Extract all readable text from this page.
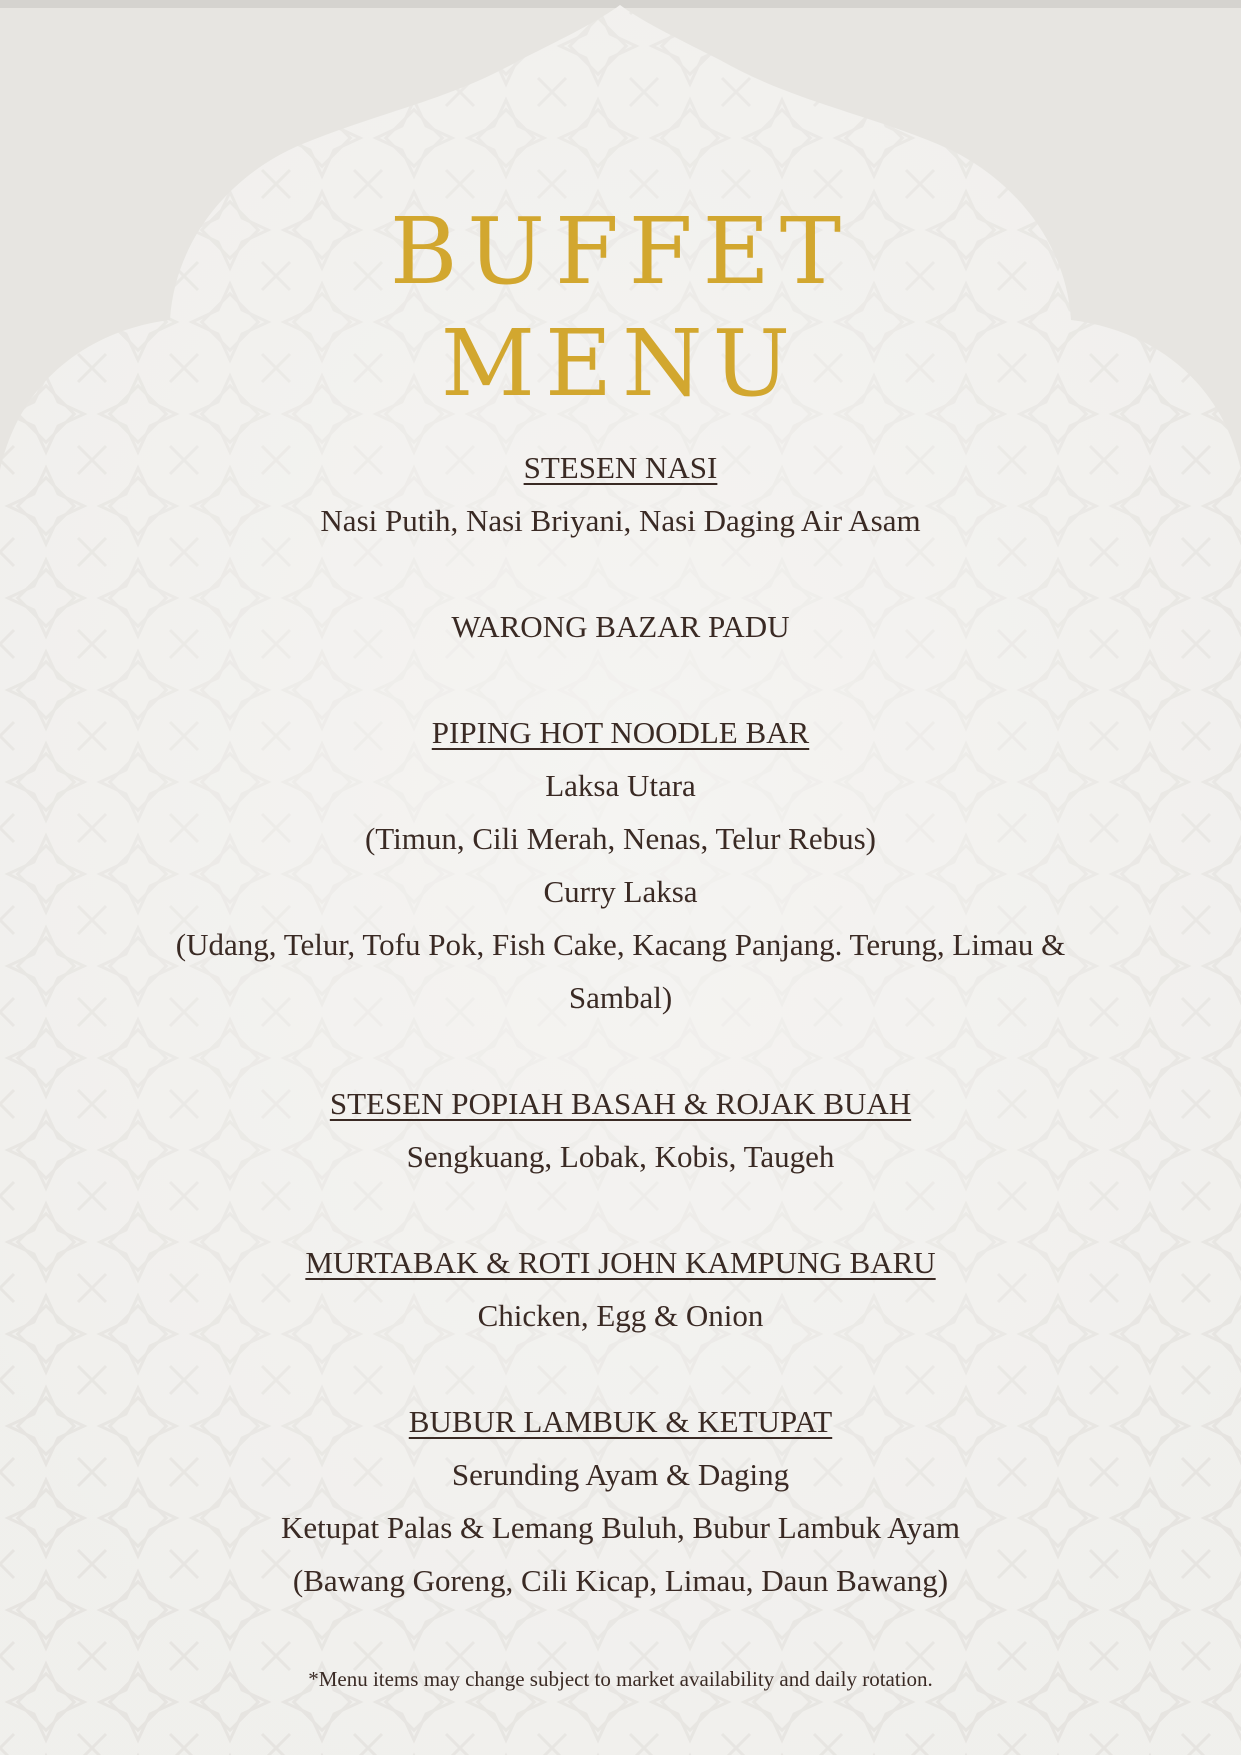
BUFFET
MENU

STESEN NASI

Nasi Putih, Nasi Briyani, Nasi Daging Air Asam

WARONG BAZAR PADU

PIPING HOT NOODLE BAR

Laksa Utara

(Timun, Cili Merah, Nenas, Telur Rebus)

Curry Laksa

(Udang, Telur, Tofu Pok, Fish Cake, Kacang Panjang. Terung, Limau &

Sambal)

STESEN POPIAH BASAH & ROJAK BUAH

Sengkuang, Lobak, Kobis, Taugeh

MURTABAK & ROTI JOHN KAMPUNG BARU

Chicken, Egg & Onion

BUBUR LAMBUK & KETUPAT

Serunding Ayam & Daging

Ketupat Palas & Lemang Buluh, Bubur Lambuk Ayam

(Bawang Goreng, Cili Kicap, Limau, Daun Bawang)

*Menu items may change subject to market availability and daily rotation.
